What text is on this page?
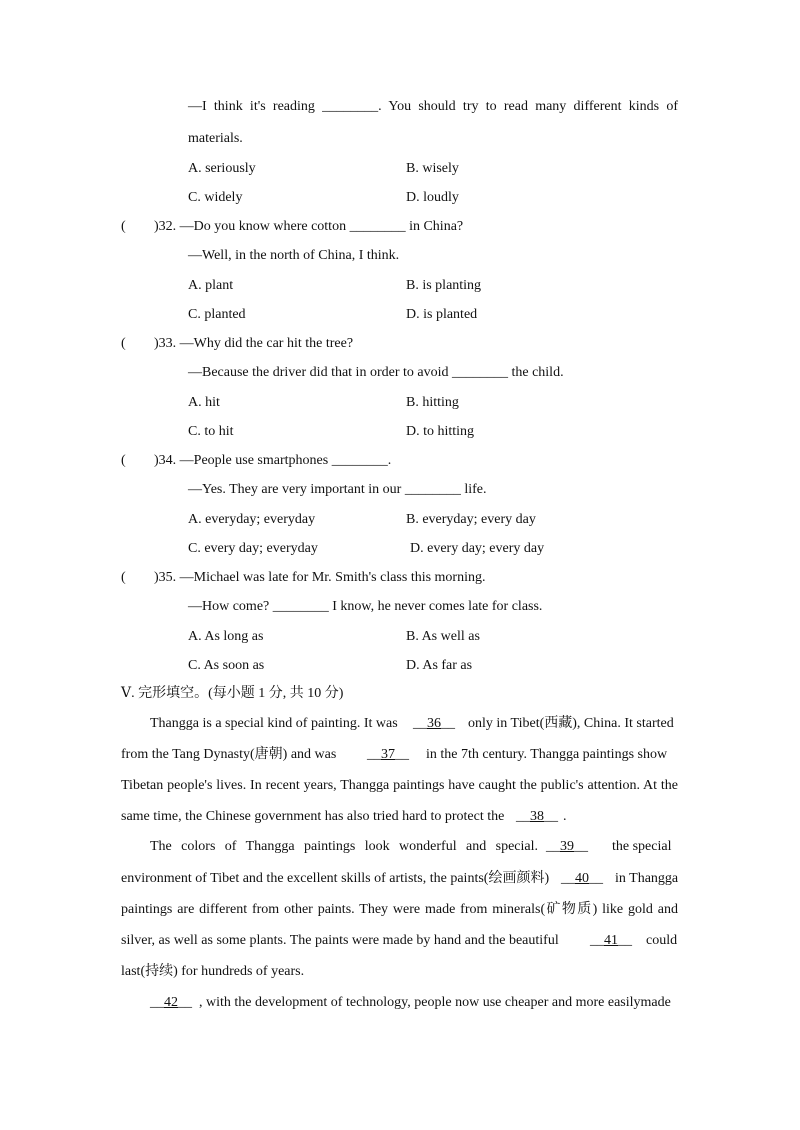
—I think it's reading ________. You should try to read many different kinds of
materials.
A. seriously	B. wisely
C. widely	D. loudly
( )32. —Do you know where cotton ________ in China?
—Well, in the north of China, I think.
A. plant	B. is planting
C. planted	D. is planted
( )33. —Why did the car hit the tree?
—Because the driver did that in order to avoid ________ the child.
A. hit	B. hitting
C. to hit	D. to hitting
( )34. —People use smartphones ________.
—Yes. They are very important in our ________ life.
A. everyday; everyday	B. everyday; every day
C. every day; everyday	D. every day; every day
( )35. —Michael was late for Mr. Smith's class this morning.
—How come? ________ I know, he never comes late for class.
A. As long as	B. As well as
C. As soon as	D. As far as
Ⅴ. 完形填空。(每小题 1 分, 共 10 分)
Thangga is a special kind of painting. It was __36__ only in Tibet(西藏), China. It started
from the Tang Dynasty(唐朝) and was __37__ in the 7th century. Thangga paintings show
Tibetan people's lives. In recent years, Thangga paintings have caught the public's attention. At the
same time, the Chinese government has also tried hard to protect the __38__ .
The colors of Thangga paintings look wonderful and special. __39__ the special
environment of Tibet and the excellent skills of artists, the paints(绘画颜料) __40__ in Thangga
paintings are different from other paints. They were made from minerals(矿物质) like gold and
silver, as well as some plants. The paints were made by hand and the beautiful __41__ could
last(持续) for hundreds of years.
__42__ , with the development of technology, people now use cheaper and more easilymade
